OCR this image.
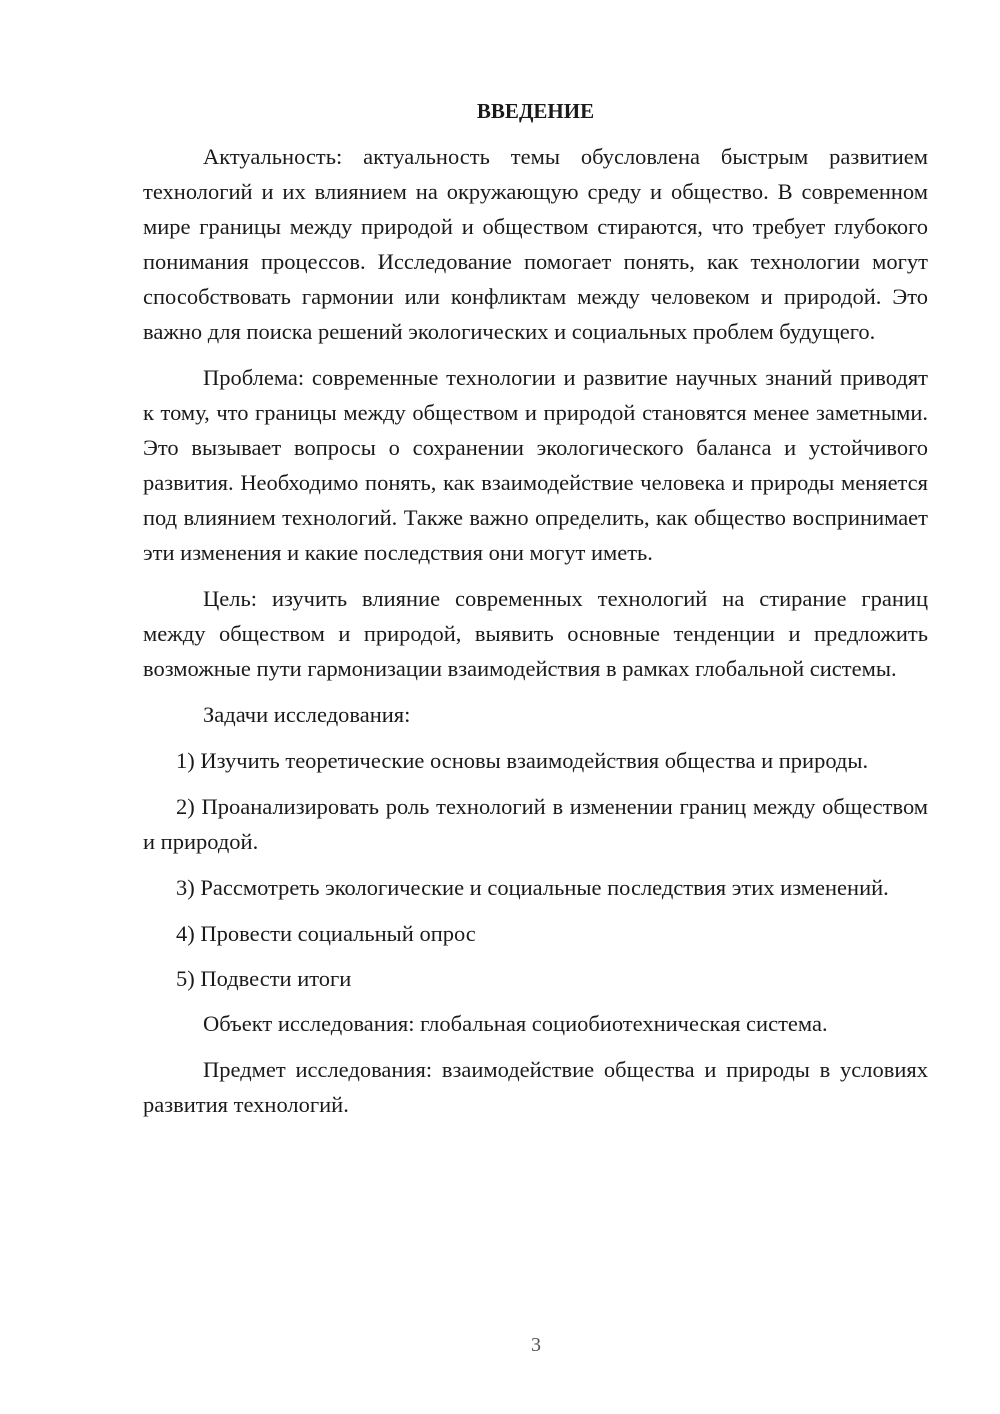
ВВЕДЕНИЕ

Актуальность: актуальность темы обусловлена быстрым развитием технологий и их влиянием на окружающую среду и общество. В современном мире границы между природой и обществом стираются, что требует глубокого понимания процессов. Исследование помогает понять, как технологии могут способствовать гармонии или конфликтам между человеком и природой. Это важно для поиска решений экологических и социальных проблем будущего.

Проблема: современные технологии и развитие научных знаний приводят к тому, что границы между обществом и природой становятся менее заметными. Это вызывает вопросы о сохранении экологического баланса и устойчивого развития. Необходимо понять, как взаимодействие человека и природы меняется под влиянием технологий. Также важно определить, как общество воспринимает эти изменения и какие последствия они могут иметь.

Цель: изучить влияние современных технологий на стирание границ между обществом и природой, выявить основные тенденции и предложить возможные пути гармонизации взаимодействия в рамках глобальной системы.

Задачи исследования:

1) Изучить теоретические основы взаимодействия общества и природы.

2) Проанализировать роль технологий в изменении границ между обществом и природой.

3) Рассмотреть экологические и социальные последствия этих изменений.

4) Провести социальный опрос

5) Подвести итоги

Объект исследования: глобальная социобиотехническая система.

Предмет исследования: взаимодействие общества и природы в условиях развития технологий.

3
